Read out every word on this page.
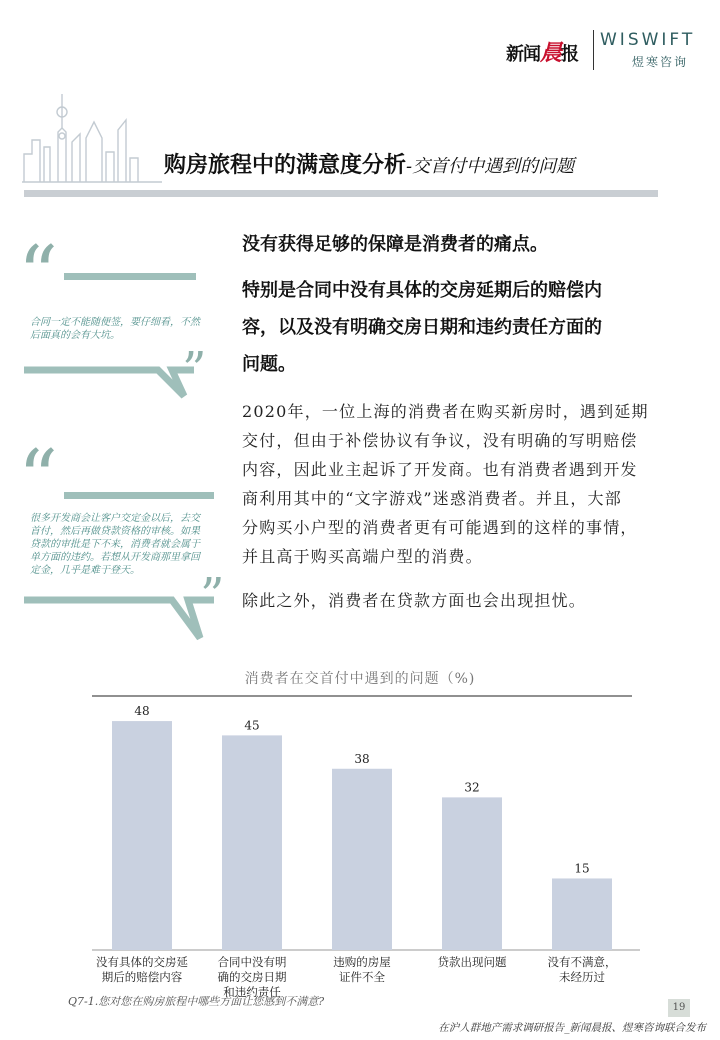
新闻晨报
WISWIFT
煜寒咨询
购房旅程中的满意度分析-交首付中遇到的问题
“
合同一定不能随便签，要仔细看，不然后面真的会有大坑。
”
“
很多开发商会让客户交定金以后，去交首付，然后再做贷款资格的审核。如果贷款的审批是下不来，消费者就会属于单方面的违约。若想从开发商那里拿回定金，几乎是难于登天。	”
没有获得足够的保障是消费者的痛点。
特别是合同中没有具体的交房延期后的赔偿内
容，以及没有明确交房日期和违约责任方面的
问题。
2020年，一位上海的消费者在购买新房时，遇到延期
交付，但由于补偿协议有争议，没有明确的写明赔偿
内容，因此业主起诉了开发商。也有消费者遇到开发
商利用其中的“文字游戏”迷惑消费者。并且，大部
分购买小户型的消费者更有可能遇到的这样的事情，
并且高于购买高端户型的消费。
除此之外，消费者在贷款方面也会出现担忧。
消费者在交首付中遇到的问题（%)
48
没有具体的交房延
期后的赔偿内容
45
合同中没有明
确的交房日期
和违约责任
38
违购的房屋
证件不全
32
贷款出现问题
15
没有不满意，
未经历过
Q7-1.您对您在购房旅程中哪些方面让您感到不满意?	19
在沪人群地产需求调研报告_新闻晨报、煜寒咨询联合发布
